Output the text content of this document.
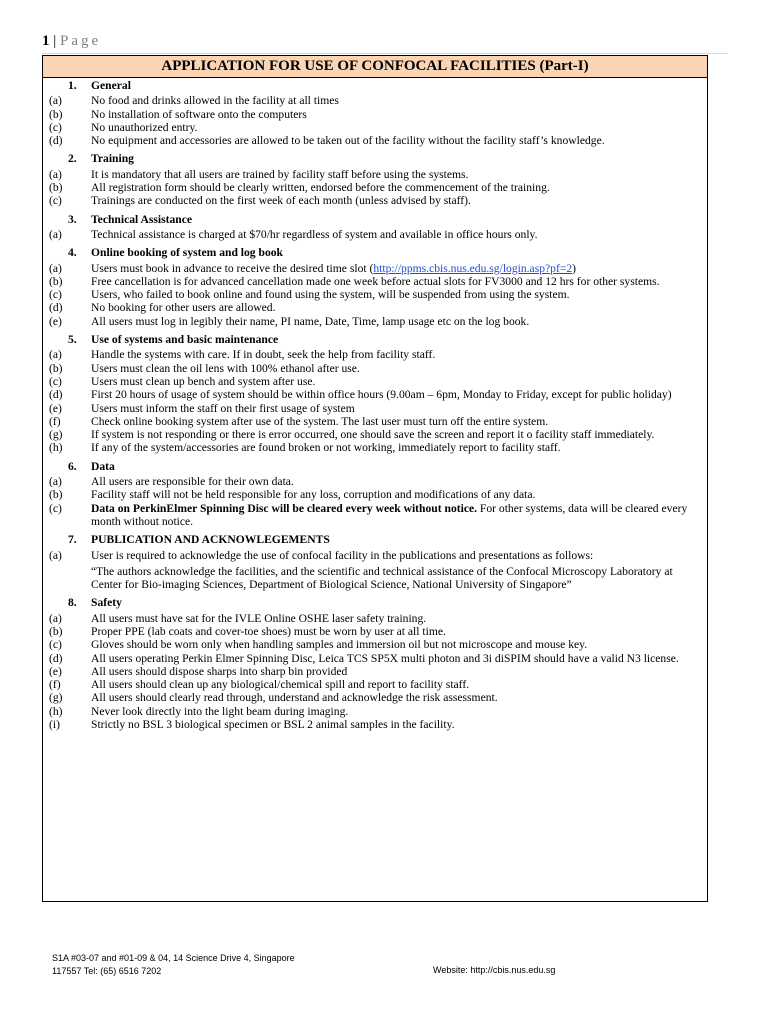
1 | Page
APPLICATION FOR USE OF CONFOCAL FACILITIES (Part-I)
1.	General
(a)	No food and drinks allowed in the facility at all times
(b)	No installation of software onto the computers
(c)	No unauthorized entry.
(d)	No equipment and accessories are allowed to be taken out of the facility without the facility staff’s knowledge.
2.	Training
(a)	It is mandatory that all users are trained by facility staff before using the systems.
(b)	All registration form should be clearly written, endorsed before the commencement of the training.
(c)	Trainings are conducted on the first week of each month (unless advised by staff).
3.	Technical Assistance
(a)	Technical assistance is charged at $70/hr regardless of system and available in office hours only.
4.	Online booking of system and log book
(a)	Users must book in advance to receive the desired time slot (http://ppms.cbis.nus.edu.sg/login.asp?pf=2)
(b)	Free cancellation is for advanced cancellation made one week before actual slots for FV3000 and 12 hrs for other systems.
(c)	Users, who failed to book online and found using the system, will be suspended from using the system.
(d)	No booking for other users are allowed.
(e)	All users must log in legibly their name, PI name, Date, Time, lamp usage etc on the log book.
5.	Use of systems and basic maintenance
(a)	Handle the systems with care. If in doubt, seek the help from facility staff.
(b)	Users must clean the oil lens with 100% ethanol after use.
(c)	Users must clean up bench and system after use.
(d)	First 20 hours of usage of system should be within office hours (9.00am – 6pm, Monday to Friday, except for public holiday)
(e)	Users must inform the staff on their first usage of system
(f)	Check online booking system after use of the system. The last user must turn off the entire system.
(g)	If system is not responding or there is error occurred, one should save the screen and report it o facility staff immediately.
(h)	If any of the system/accessories are found broken or not working, immediately report to facility staff.
6.	Data
(a)	All users are responsible for their own data.
(b)	Facility staff will not be held responsible for any loss, corruption and modifications of any data.
(c)	Data on PerkinElmer Spinning Disc will be cleared every week without notice. For other systems, data will be cleared every month without notice.
7.	PUBLICATION AND ACKNOWLEGEMENTS
(a)	User is required to acknowledge the use of confocal facility in the publications and presentations as follows:
“The authors acknowledge the facilities, and the scientific and technical assistance of the Confocal Microscopy Laboratory at Center for Bio-imaging Sciences, Department of Biological Science, National University of Singapore”
8.	Safety
(a)	All users must have sat for the IVLE Online OSHE laser safety training.
(b)	Proper PPE (lab coats and cover-toe shoes) must be worn by user at all time.
(c)	Gloves should be worn only when handling samples and immersion oil but not microscope and mouse key.
(d)	All users operating Perkin Elmer Spinning Disc, Leica TCS SP5X multi photon and 3i diSPIM should have a valid N3 license.
(e)	All users should dispose sharps into sharp bin provided
(f)	All users should clean up any biological/chemical spill and report to facility staff.
(g)	All users should clearly read through, understand and acknowledge the risk assessment.
(h)	Never look directly into the light beam during imaging.
(i)	Strictly no BSL 3 biological specimen or BSL 2 animal samples in the facility.
S1A #03-07 and #01-09 & 04, 14 Science Drive 4, Singapore
117557 Tel: (65) 6516 7202	Website: http://cbis.nus.edu.sg
